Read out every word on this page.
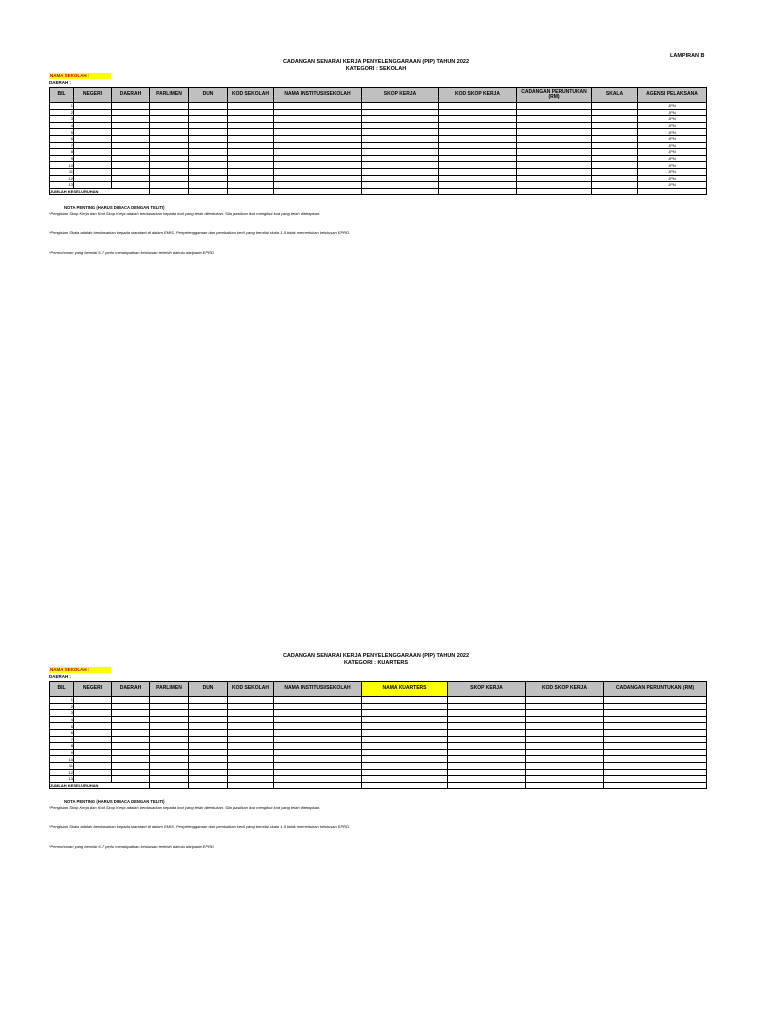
LAMPIRAN B
CADANGAN SENARAI KERJA PENYELENGGARAAN (PIP) TAHUN 2022
KATEGORI : SEKOLAH
NAMA SEKOLAH :
DAERAH :
BIL	NEGERI	DAERAH	PARLIMEN	DUN	KOD SEKOLAH	NAMA INSTITUSI/SEKOLAH	SKOP KERJA	KOD SKOP KERJA	CADANGAN PERUNTUKAN (RM)	SKALA	AGENSI PELAKSANA
1											JPN
2											JPN
3											JPN
4											JPN
5											JPN
6											JPN
7											JPN
8											JPN
9											JPN
10											JPN
11											JPN
12											JPN
13											JPN
JUMLAH KESELURUHAN											
NOTA PENTING (HARUS DIBACA DENGAN TELITI)
*Pengisian Skop Kerja dan Kod Skop Kerja adalah berdasarkan kepada kod yang telah ditentukan. Sila pastikan ikut mengikut kod yang telah ditetapkan.
*Pengisian Skala adalah berdasarkan kepada standard di dalam EMIS. Penyelenggaraan dan pembaikan kecil yang bernilai skala 1-5 tidak memerlukan kelulusan EPRD.
*Permohonan yang bernilai 6-7 perlu mendapatkan kelulusan terlebih dahulu daripada EPRD
CADANGAN SENARAI KERJA PENYELENGGARAAN (PIP) TAHUN 2022
KATEGORI : KUARTERS
NAMA SEKOLAH :
DAERAH :
BIL	NEGERI	DAERAH	PARLIMEN	DUN	KOD SEKOLAH	NAMA INSTITUSI/SEKOLAH	NAMA KUARTERS	SKOP KERJA	KOD SKOP KERJA	CADANGAN PERUNTUKAN (RM)
1										
2										
3										
4										
5										
6										
7										
8										
9										
10										
11										
12										
13										
JUMLAH KESELURUHAN										
NOTA PENTING (HARUS DIBACA DENGAN TELITI)
*Pengisian Skop Kerja dan Kod Skop Kerja adalah berdasarkan kepada kod yang telah ditentukan. Sila pastikan ikut mengikut kod yang telah ditetapkan.
*Pengisian Skala adalah berdasarkan kepada standard di dalam EMIS. Penyelenggaraan dan pembaikan kecil yang bernilai skala 1-5 tidak memerlukan kelulusan EPRD.
*Permohonan yang bernilai 6-7 perlu mendapatkan kelulusan terlebih dahulu daripada EPRD
